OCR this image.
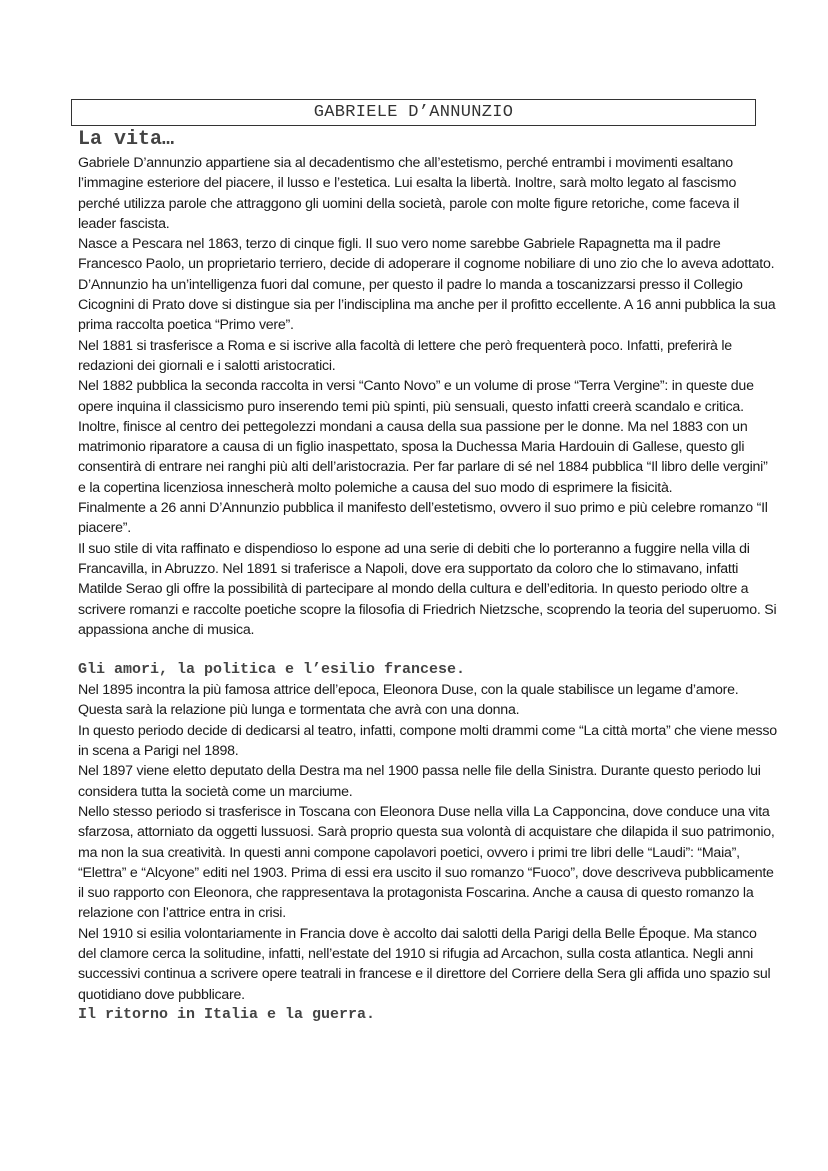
GABRIELE D’ANNUNZIO
La vita…

Gabriele D’annunzio appartiene sia al decadentismo che all’estetismo, perché entrambi i movimenti esaltano l’immagine esteriore del piacere, il lusso e l’estetica. Lui esalta la libertà. Inoltre, sarà molto legato al fascismo perché utilizza parole che attraggono gli uomini della società, parole con molte figure retoriche, come faceva il leader fascista.

Nasce a Pescara nel 1863, terzo di cinque figli. Il suo vero nome sarebbe Gabriele Rapagnetta ma il padre Francesco Paolo, un proprietario terriero, decide di adoperare il cognome nobiliare di uno zio che lo aveva adottato. D’Annunzio ha un’intelligenza fuori dal comune, per questo il padre lo manda a toscanizzarsi presso il Collegio Cicognini di Prato dove si distingue sia per l’indisciplina ma anche per il profitto eccellente. A 16 anni pubblica la sua prima raccolta poetica “Primo vere”.

Nel 1881 si trasferisce a Roma e si iscrive alla facoltà di lettere che però frequenterà poco. Infatti, preferirà le redazioni dei giornali e i salotti aristocratici.

Nel 1882 pubblica la seconda raccolta in versi “Canto Novo” e un volume di prose “Terra Vergine”: in queste due opere inquina il classicismo puro inserendo temi più spinti, più sensuali, questo infatti creerà scandalo e critica. Inoltre, finisce al centro dei pettegolezzi mondani a causa della sua passione per le donne. Ma nel 1883 con un matrimonio riparatore a causa di un figlio inaspettato, sposa la Duchessa Maria Hardouin di Gallese, questo gli consentirà di entrare nei ranghi più alti dell’aristocrazia. Per far parlare di sé nel 1884 pubblica “Il libro delle vergini” e la copertina licenziosa innescherà molto polemiche a causa del suo modo di esprimere la fisicità.

Finalmente a 26 anni D’Annunzio pubblica il manifesto dell’estetismo, ovvero il suo primo e più celebre romanzo “Il piacere”.

Il suo stile di vita raffinato e dispendioso lo espone ad una serie di debiti che lo porteranno a fuggire nella villa di Francavilla, in Abruzzo. Nel 1891 si traferisce a Napoli, dove era supportato da coloro che lo stimavano, infatti Matilde Serao gli offre la possibilità di partecipare al mondo della cultura e dell’editoria. In questo periodo oltre a scrivere romanzi e raccolte poetiche scopre la filosofia di Friedrich Nietzsche, scoprendo la teoria del superuomo. Si appassiona anche di musica.

Gli amori, la politica e l’esilio francese.

Nel 1895 incontra la più famosa attrice dell’epoca, Eleonora Duse, con la quale stabilisce un legame d’amore. Questa sarà la relazione più lunga e tormentata che avrà con una donna.

In questo periodo decide di dedicarsi al teatro, infatti, compone molti drammi come “La città morta” che viene messo in scena a Parigi nel 1898.

Nel 1897 viene eletto deputato della Destra ma nel 1900 passa nelle file della Sinistra. Durante questo periodo lui considera tutta la società come un marciume.

Nello stesso periodo si trasferisce in Toscana con Eleonora Duse nella villa La Capponcina, dove conduce una vita sfarzosa, attorniato da oggetti lussuosi. Sarà proprio questa sua volontà di acquistare che dilapida il suo patrimonio, ma non la sua creatività. In questi anni compone capolavori poetici, ovvero i primi tre libri delle “Laudi”: “Maia”, “Elettra” e “Alcyone” editi nel 1903. Prima di essi era uscito il suo romanzo “Fuoco”, dove descriveva pubblicamente il suo rapporto con Eleonora, che rappresentava la protagonista Foscarina. Anche a causa di questo romanzo la relazione con l’attrice entra in crisi.

Nel 1910 si esilia volontariamente in Francia dove è accolto dai salotti della Parigi della Belle Époque. Ma stanco del clamore cerca la solitudine, infatti, nell’estate del 1910 si rifugia ad Arcachon, sulla costa atlantica. Negli anni successivi continua a scrivere opere teatrali in francese e il direttore del Corriere della Sera gli affida uno spazio sul quotidiano dove pubblicare.

Il ritorno in Italia e la guerra.
